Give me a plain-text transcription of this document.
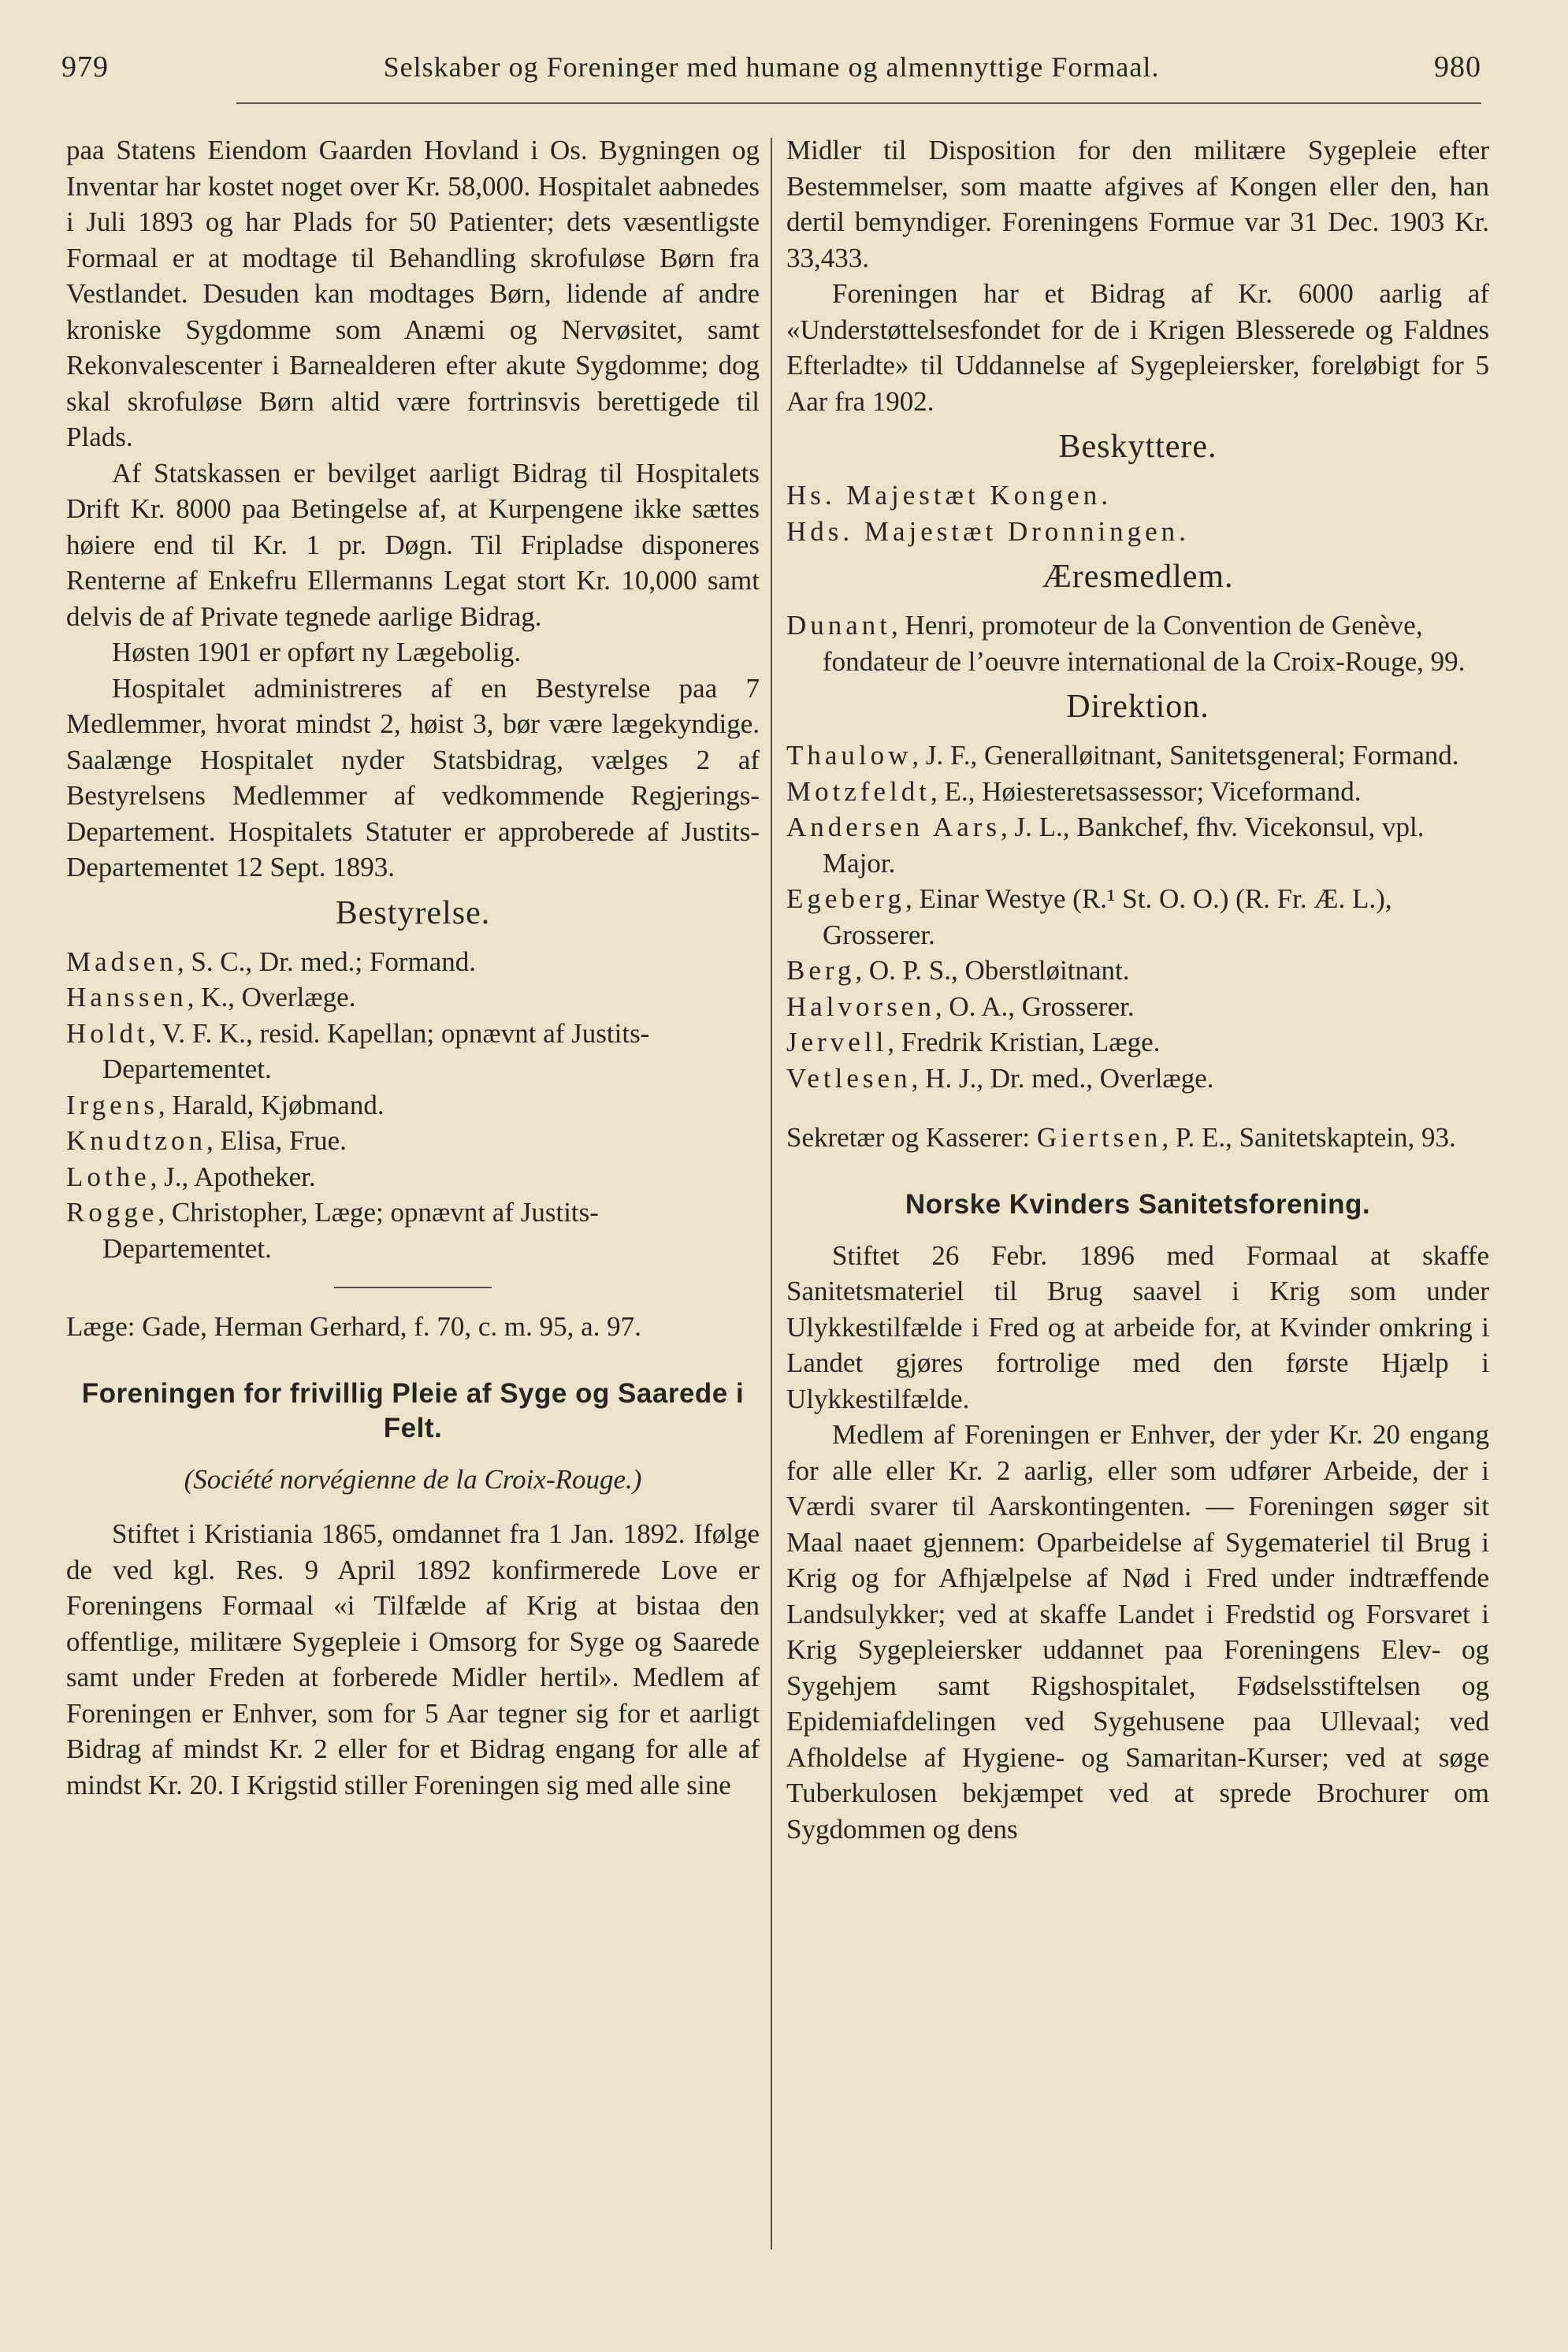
979	Selskaber og Foreninger med humane og almennyttige Formaal.	980

paa Statens Eiendom Gaarden Hovland i Os. Bygningen og Inventar har kostet noget over Kr. 58,000. Hospitalet aabnedes i Juli 1893 og har Plads for 50 Patienter; dets væsentligste Formaal er at modtage til Behandling skrofuløse Børn fra Vestlandet. Desuden kan modtages Børn, lidende af andre kroniske Sygdomme som Anæmi og Nervøsitet, samt Rekonvalescenter i Barnealderen efter akute Sygdomme; dog skal skrofuløse Børn altid være fortrinsvis berettigede til Plads.

Af Statskassen er bevilget aarligt Bidrag til Hospitalets Drift Kr. 8000 paa Betingelse af, at Kurpengene ikke sættes høiere end til Kr. 1 pr. Døgn. Til Fripladse disponeres Renterne af Enkefru Ellermanns Legat stort Kr. 10,000 samt delvis de af Private tegnede aarlige Bidrag.

Høsten 1901 er opført ny Lægebolig.

Hospitalet administreres af en Bestyrelse paa 7 Medlemmer, hvorat mindst 2, høist 3, bør være lægekyndige. Saalænge Hospitalet nyder Statsbidrag, vælges 2 af Bestyrelsens Medlemmer af vedkommende Regjerings-Departement. Hospitalets Statuter er approberede af Justits-Departementet 12 Sept. 1893.

Bestyrelse.

Madsen, S. C., Dr. med.; Formand.

Hanssen, K., Overlæge.

Holdt, V. F. K., resid. Kapellan; opnævnt af Justits-Departementet.

Irgens, Harald, Kjøbmand.

Knudtzon, Elisa, Frue.

Lothe, J., Apotheker.

Rogge, Christopher, Læge; opnævnt af Justits-Departementet.

Læge: Gade, Herman Gerhard, f. 70, c. m. 95, a. 97.

Foreningen for frivillig Pleie af Syge og Saarede i Felt.
(Société norvégienne de la Croix-Rouge.)

Stiftet i Kristiania 1865, omdannet fra 1 Jan. 1892. Ifølge de ved kgl. Res. 9 April 1892 konfirmerede Love er Foreningens Formaal «i Tilfælde af Krig at bistaa den offentlige, militære Sygepleie i Omsorg for Syge og Saarede samt under Freden at forberede Midler hertil». Medlem af Foreningen er Enhver, som for 5 Aar tegner sig for et aarligt Bidrag af mindst Kr. 2 eller for et Bidrag engang for alle af mindst Kr. 20. I Krigstid stiller Foreningen sig med alle sine

Midler til Disposition for den militære Sygepleie efter Bestemmelser, som maatte afgives af Kongen eller den, han dertil bemyndiger. Foreningens Formue var 31 Dec. 1903 Kr. 33,433.

Foreningen har et Bidrag af Kr. 6000 aarlig af «Understøttelsesfondet for de i Krigen Blesserede og Faldnes Efterladte» til Uddannelse af Sygepleiersker, foreløbigt for 5 Aar fra 1902.

Beskyttere.

Hs. Majestæt Kongen.

Hds. Majestæt Dronningen.

Æresmedlem.

Dunant, Henri, promoteur de la Convention de Genève, fondateur de l’oeuvre international de la Croix-Rouge, 99.

Direktion.

Thaulow, J. F., Generalløitnant, Sanitetsgeneral; Formand.

Motzfeldt, E., Høiesteretsassessor; Viceformand.

Andersen Aars, J. L., Bankchef, fhv. Vicekonsul, vpl. Major.

Egeberg, Einar Westye (R.¹ St. O. O.) (R. Fr. Æ. L.), Grosserer.

Berg, O. P. S., Oberstløitnant.

Halvorsen, O. A., Grosserer.

Jervell, Fredrik Kristian, Læge.

Vetlesen, H. J., Dr. med., Overlæge.

Sekretær og Kasserer: Giertsen, P. E., Sanitetskaptein, 93.

Norske Kvinders Sanitetsforening.

Stiftet 26 Febr. 1896 med Formaal at skaffe Sanitetsmateriel til Brug saavel i Krig som under Ulykkestilfælde i Fred og at arbeide for, at Kvinder omkring i Landet gjøres fortrolige med den første Hjælp i Ulykkestilfælde.

Medlem af Foreningen er Enhver, der yder Kr. 20 engang for alle eller Kr. 2 aarlig, eller som udfører Arbeide, der i Værdi svarer til Aarskontingenten. — Foreningen søger sit Maal naaet gjennem: Oparbeidelse af Sygemateriel til Brug i Krig og for Afhjælpelse af Nød i Fred under indtræffende Landsulykker; ved at skaffe Landet i Fredstid og Forsvaret i Krig Sygepleiersker uddannet paa Foreningens Elev- og Sygehjem samt Rigshospitalet, Fødselsstiftelsen og Epidemiafdelingen ved Sygehusene paa Ullevaal; ved Afholdelse af Hygiene- og Samaritan-Kurser; ved at søge Tuberkulosen bekjæmpet ved at sprede Brochurer om Sygdommen og dens
